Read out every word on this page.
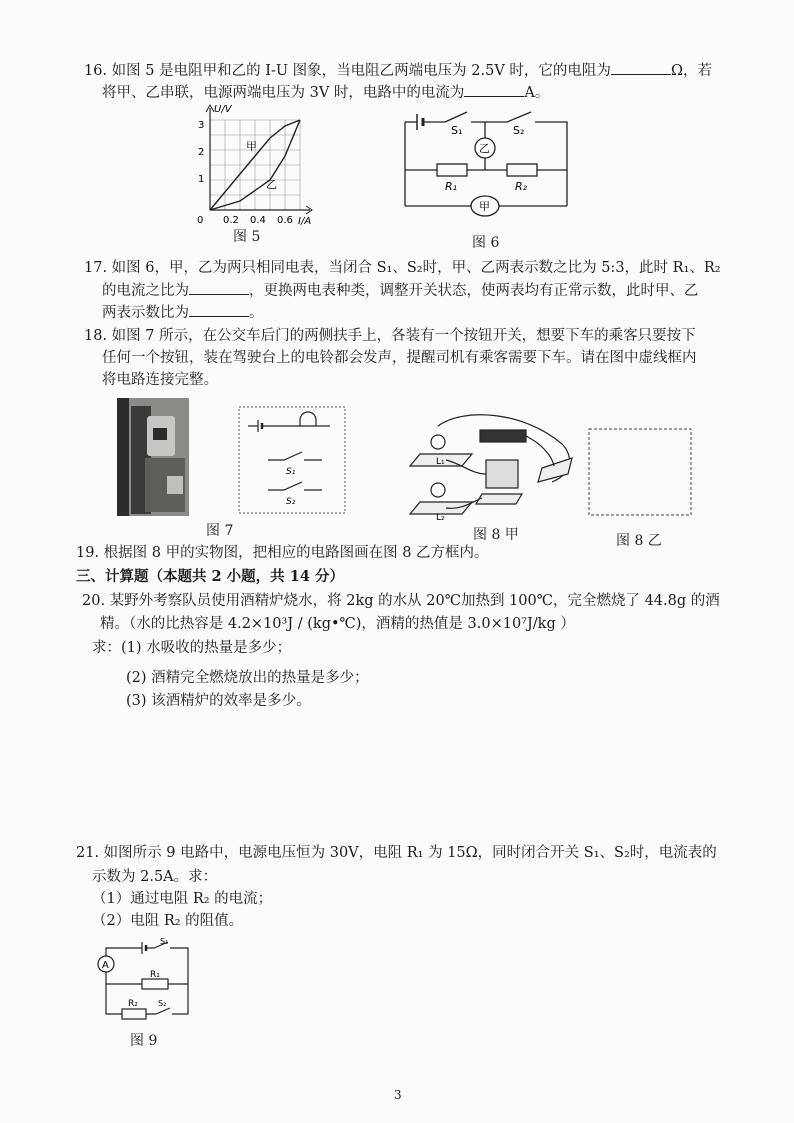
16. 如图 5 是电阻甲和乙的 I-U 图象，当电阻乙两端电压为 2.5V 时，它的电阻为	Ω，若
将甲、乙串联，电源两端电压为 3V 时，电路中的电流为	A。
U/V
I/A
0
3
2
1
0.2 0.4 0.6
甲
乙
图 5
S₁	S₂
乙
R₁	R₂
甲
图 6
17. 如图 6，甲，乙为两只相同电表，当闭合 S₁、S₂时，甲、乙两表示数之比为 5:3，此时 R₁、R₂
的电流之比为	，更换两电表种类，调整开关状态，使两表均有正常示数，此时甲、乙
两表示数比为	。
18. 如图 7 所示，在公交车后门的两侧扶手上，各装有一个按钮开关，想要下车的乘客只要按下
任何一个按钮，装在驾驶台上的电铃都会发声，提醒司机有乘客需要下车。请在图中虚线框内
将电路连接完整。
S₁
S₂
图 7
L₁
L₂
图 8 甲	图 8 乙
19. 根据图 8 甲的实物图，把相应的电路图画在图 8 乙方框内。
三、计算题（本题共 2 小题，共 14 分）
20. 某野外考察队员使用酒精炉烧水，将 2kg 的水从 20℃加热到 100℃，完全燃烧了 44.8g 的酒
精。（水的比热容是 4.2×10³J / (kg•℃)，酒精的热值是 3.0×10⁷J/kg ）
求：(1) 水吸收的热量是多少；
(2) 酒精完全燃烧放出的热量是多少；
(3) 该酒精炉的效率是多少。
21. 如图所示 9 电路中，电源电压恒为 30V，电阻 R₁ 为 15Ω，同时闭合开关 S₁、S₂时，电流表的
示数为 2.5A。求：
（1）通过电阻 R₂ 的电流；
（2）电阻 R₂ 的阻值。
A
S₁
R₁
R₂	S₂
图 9
3
